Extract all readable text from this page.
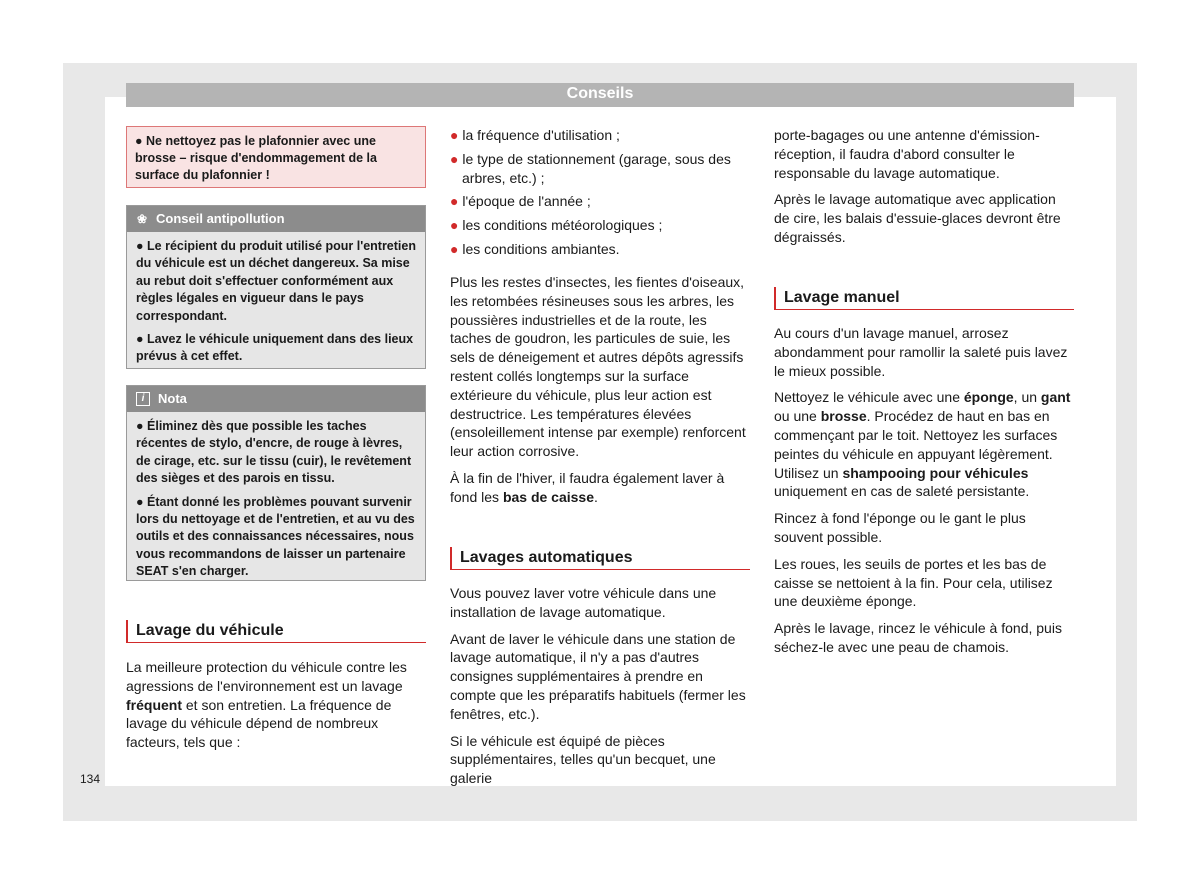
Conseils
● Ne nettoyez pas le plafonnier avec une brosse – risque d'endommagement de la surface du plafonnier !
❀ Conseil antipollution

● Le récipient du produit utilisé pour l'entretien du véhicule est un déchet dangereux. Sa mise au rebut doit s'effectuer conformément aux règles légales en vigueur dans le pays correspondant.

● Lavez le véhicule uniquement dans des lieux prévus à cet effet.

i	Nota

● Éliminez dès que possible les taches récentes de stylo, d'encre, de rouge à lèvres, de cirage, etc. sur le tissu (cuir), le revêtement des sièges et des parois en tissu.

● Étant donné les problèmes pouvant survenir lors du nettoyage et de l'entretien, et au vu des outils et des connaissances nécessaires, nous vous recommandons de laisser un partenaire SEAT s'en charger.

Lavage du véhicule

La meilleure protection du véhicule contre les agressions de l'environnement est un lavage fréquent et son entretien. La fréquence de lavage du véhicule dépend de nombreux facteurs, tels que :

● la fréquence d'utilisation ;
● le type de stationnement (garage, sous des arbres, etc.) ;
● l'époque de l'année ;
● les conditions météorologiques ;
● les conditions ambiantes.

Plus les restes d'insectes, les fientes d'oiseaux, les retombées résineuses sous les arbres, les poussières industrielles et de la route, les taches de goudron, les particules de suie, les sels de déneigement et autres dépôts agressifs restent collés longtemps sur la surface extérieure du véhicule, plus leur action est destructrice. Les températures élevées (ensoleillement intense par exemple) renforcent leur action corrosive.

À la fin de l'hiver, il faudra également laver à fond les bas de caisse.

Lavages automatiques

Vous pouvez laver votre véhicule dans une installation de lavage automatique.

Avant de laver le véhicule dans une station de lavage automatique, il n'y a pas d'autres consignes supplémentaires à prendre en compte que les préparatifs habituels (fermer les fenêtres, etc.).

Si le véhicule est équipé de pièces supplémentaires, telles qu'un becquet, une galerie

porte-bagages ou une antenne d'émission-réception, il faudra d'abord consulter le responsable du lavage automatique.

Après le lavage automatique avec application de cire, les balais d'essuie-glaces devront être dégraissés.

Lavage manuel

Au cours d'un lavage manuel, arrosez abondamment pour ramollir la saleté puis lavez le mieux possible.

Nettoyez le véhicule avec une éponge, un gant ou une brosse. Procédez de haut en bas en commençant par le toit. Nettoyez les surfaces peintes du véhicule en appuyant légèrement. Utilisez un shampooing pour véhicules uniquement en cas de saleté persistante.

Rincez à fond l'éponge ou le gant le plus souvent possible.

Les roues, les seuils de portes et les bas de caisse se nettoient à la fin. Pour cela, utilisez une deuxième éponge.

Après le lavage, rincez le véhicule à fond, puis séchez-le avec une peau de chamois.

134
